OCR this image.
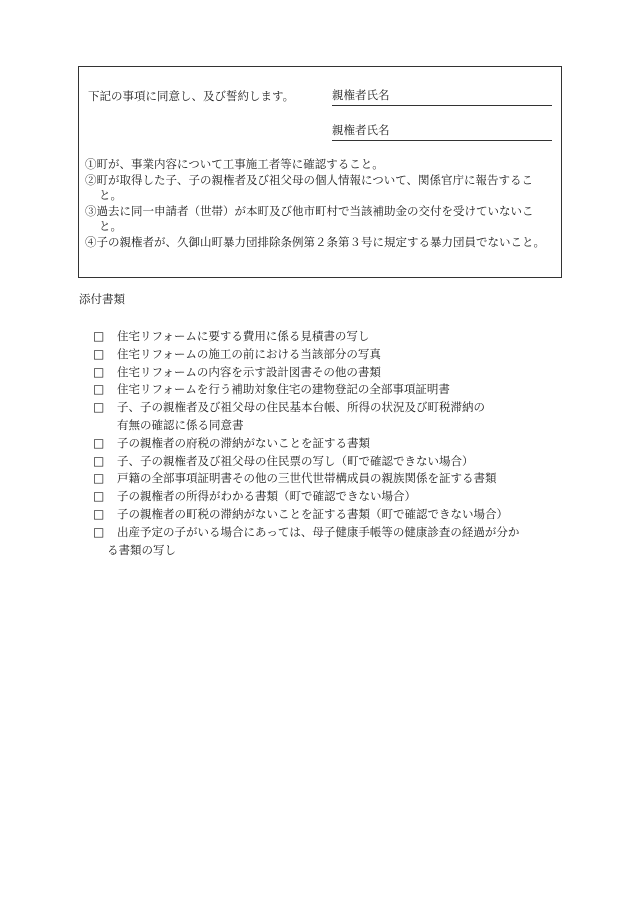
下記の事項に同意し、及び誓約します。	親権者氏名
親権者氏名
①町が、事業内容について工事施工者等に確認すること。
②町が取得した子、子の親権者及び祖父母の個人情報について、関係官庁に報告すること。
③過去に同一申請者（世帯）が本町及び他市町村で当該補助金の交付を受けていないこと。
④子の親権者が、久御山町暴力団排除条例第２条第３号に規定する暴力団員でないこと。
添付書類
□	住宅リフォームに要する費用に係る見積書の写し
□	住宅リフォームの施工の前における当該部分の写真
□	住宅リフォームの内容を示す設計図書その他の書類
□	住宅リフォームを行う補助対象住宅の建物登記の全部事項証明書
□	子、子の親権者及び祖父母の住民基本台帳、所得の状況及び町税滞納の
有無の確認に係る同意書
□	子の親権者の府税の滞納がないことを証する書類
□	子、子の親権者及び祖父母の住民票の写し（町で確認できない場合）
□	戸籍の全部事項証明書その他の三世代世帯構成員の親族関係を証する書類
□	子の親権者の所得がわかる書類（町で確認できない場合）
□	子の親権者の町税の滞納がないことを証する書類（町で確認できない場合）
□	出産予定の子がいる場合にあっては、母子健康手帳等の健康診査の経過が分か
る書類の写し
